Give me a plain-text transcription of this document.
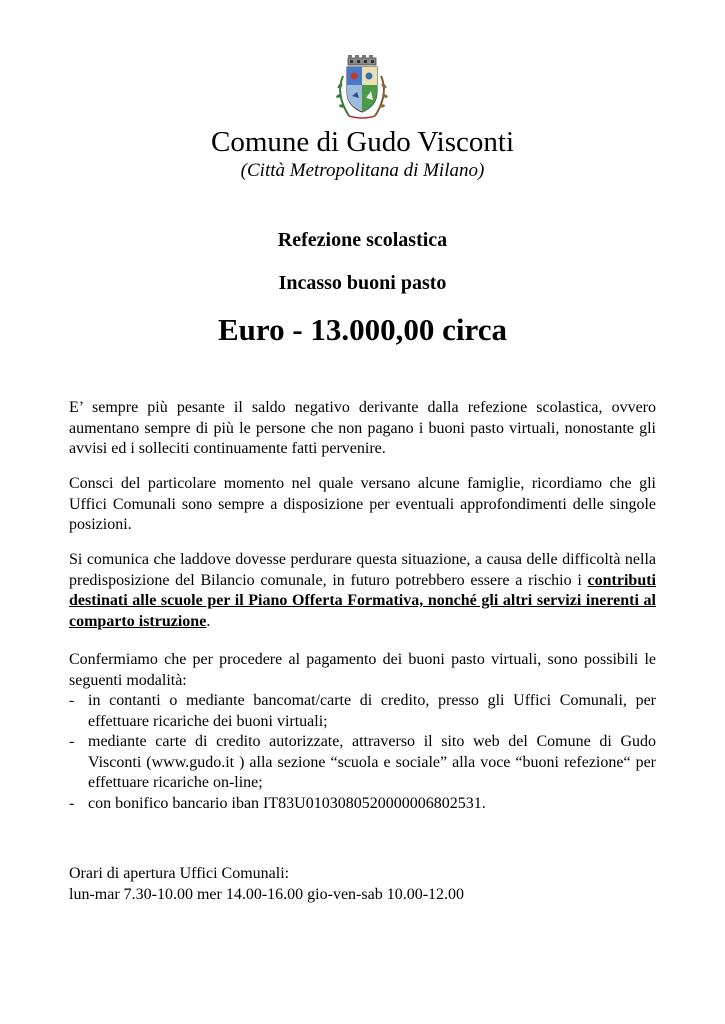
Comune di Gudo Visconti
(Città Metropolitana di Milano)
Refezione scolastica
Incasso buoni pasto
Euro - 13.000,00 circa

E’ sempre più pesante il saldo negativo derivante dalla refezione scolastica, ovvero aumentano sempre di più le persone che non pagano i buoni pasto virtuali, nonostante gli avvisi ed i solleciti continuamente fatti pervenire.

Consci del particolare momento nel quale versano alcune famiglie, ricordiamo che gli Uffici Comunali sono sempre a disposizione per eventuali approfondimenti delle singole posizioni.

Si comunica che laddove dovesse perdurare questa situazione, a causa delle difficoltà nella predisposizione del Bilancio comunale, in futuro potrebbero essere a rischio i contributi destinati alle scuole per il Piano Offerta Formativa, nonché gli altri servizi inerenti al comparto istruzione.

Confermiamo che per procedere al pagamento dei buoni pasto virtuali, sono possibili le seguenti modalità:
- in contanti o mediante bancomat/carte di credito, presso gli Uffici Comunali, per effettuare ricariche dei buoni virtuali;
- mediante carte di credito autorizzate, attraverso il sito web del Comune di Gudo Visconti (www.gudo.it ) alla sezione “scuola e sociale” alla voce “buoni refezione“ per effettuare ricariche on-line;
- con bonifico bancario iban IT83U0103080520000006802531.
Orari di apertura Uffici Comunali:
lun-mar 7.30-10.00 mer 14.00-16.00 gio-ven-sab 10.00-12.00
